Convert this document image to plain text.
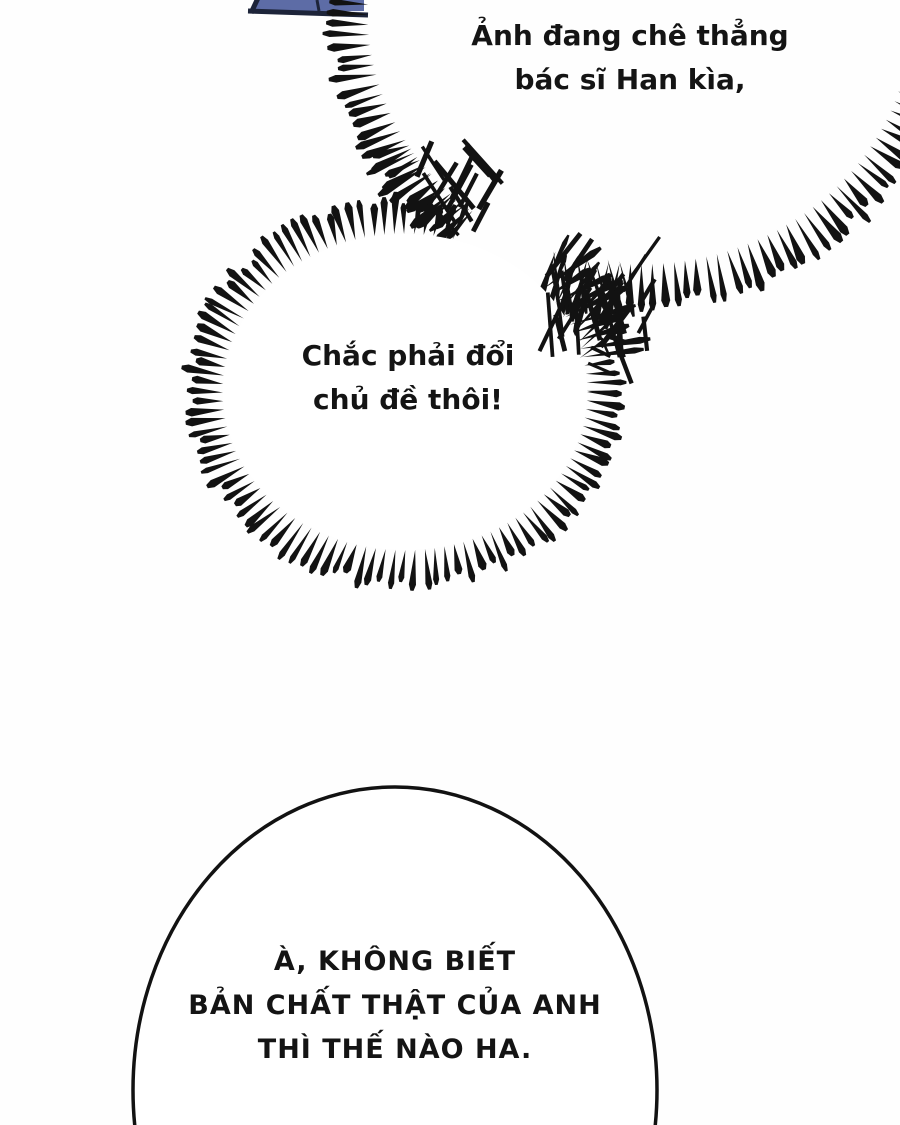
Ảnh đang chê thẳng
bác sĩ Han kìa,
Chắc phải đổi
chủ đề thôi!
À, KHÔNG BIẾT
BẢN CHẤT THẬT CỦA ANH
THÌ THẾ NÀO HA.
